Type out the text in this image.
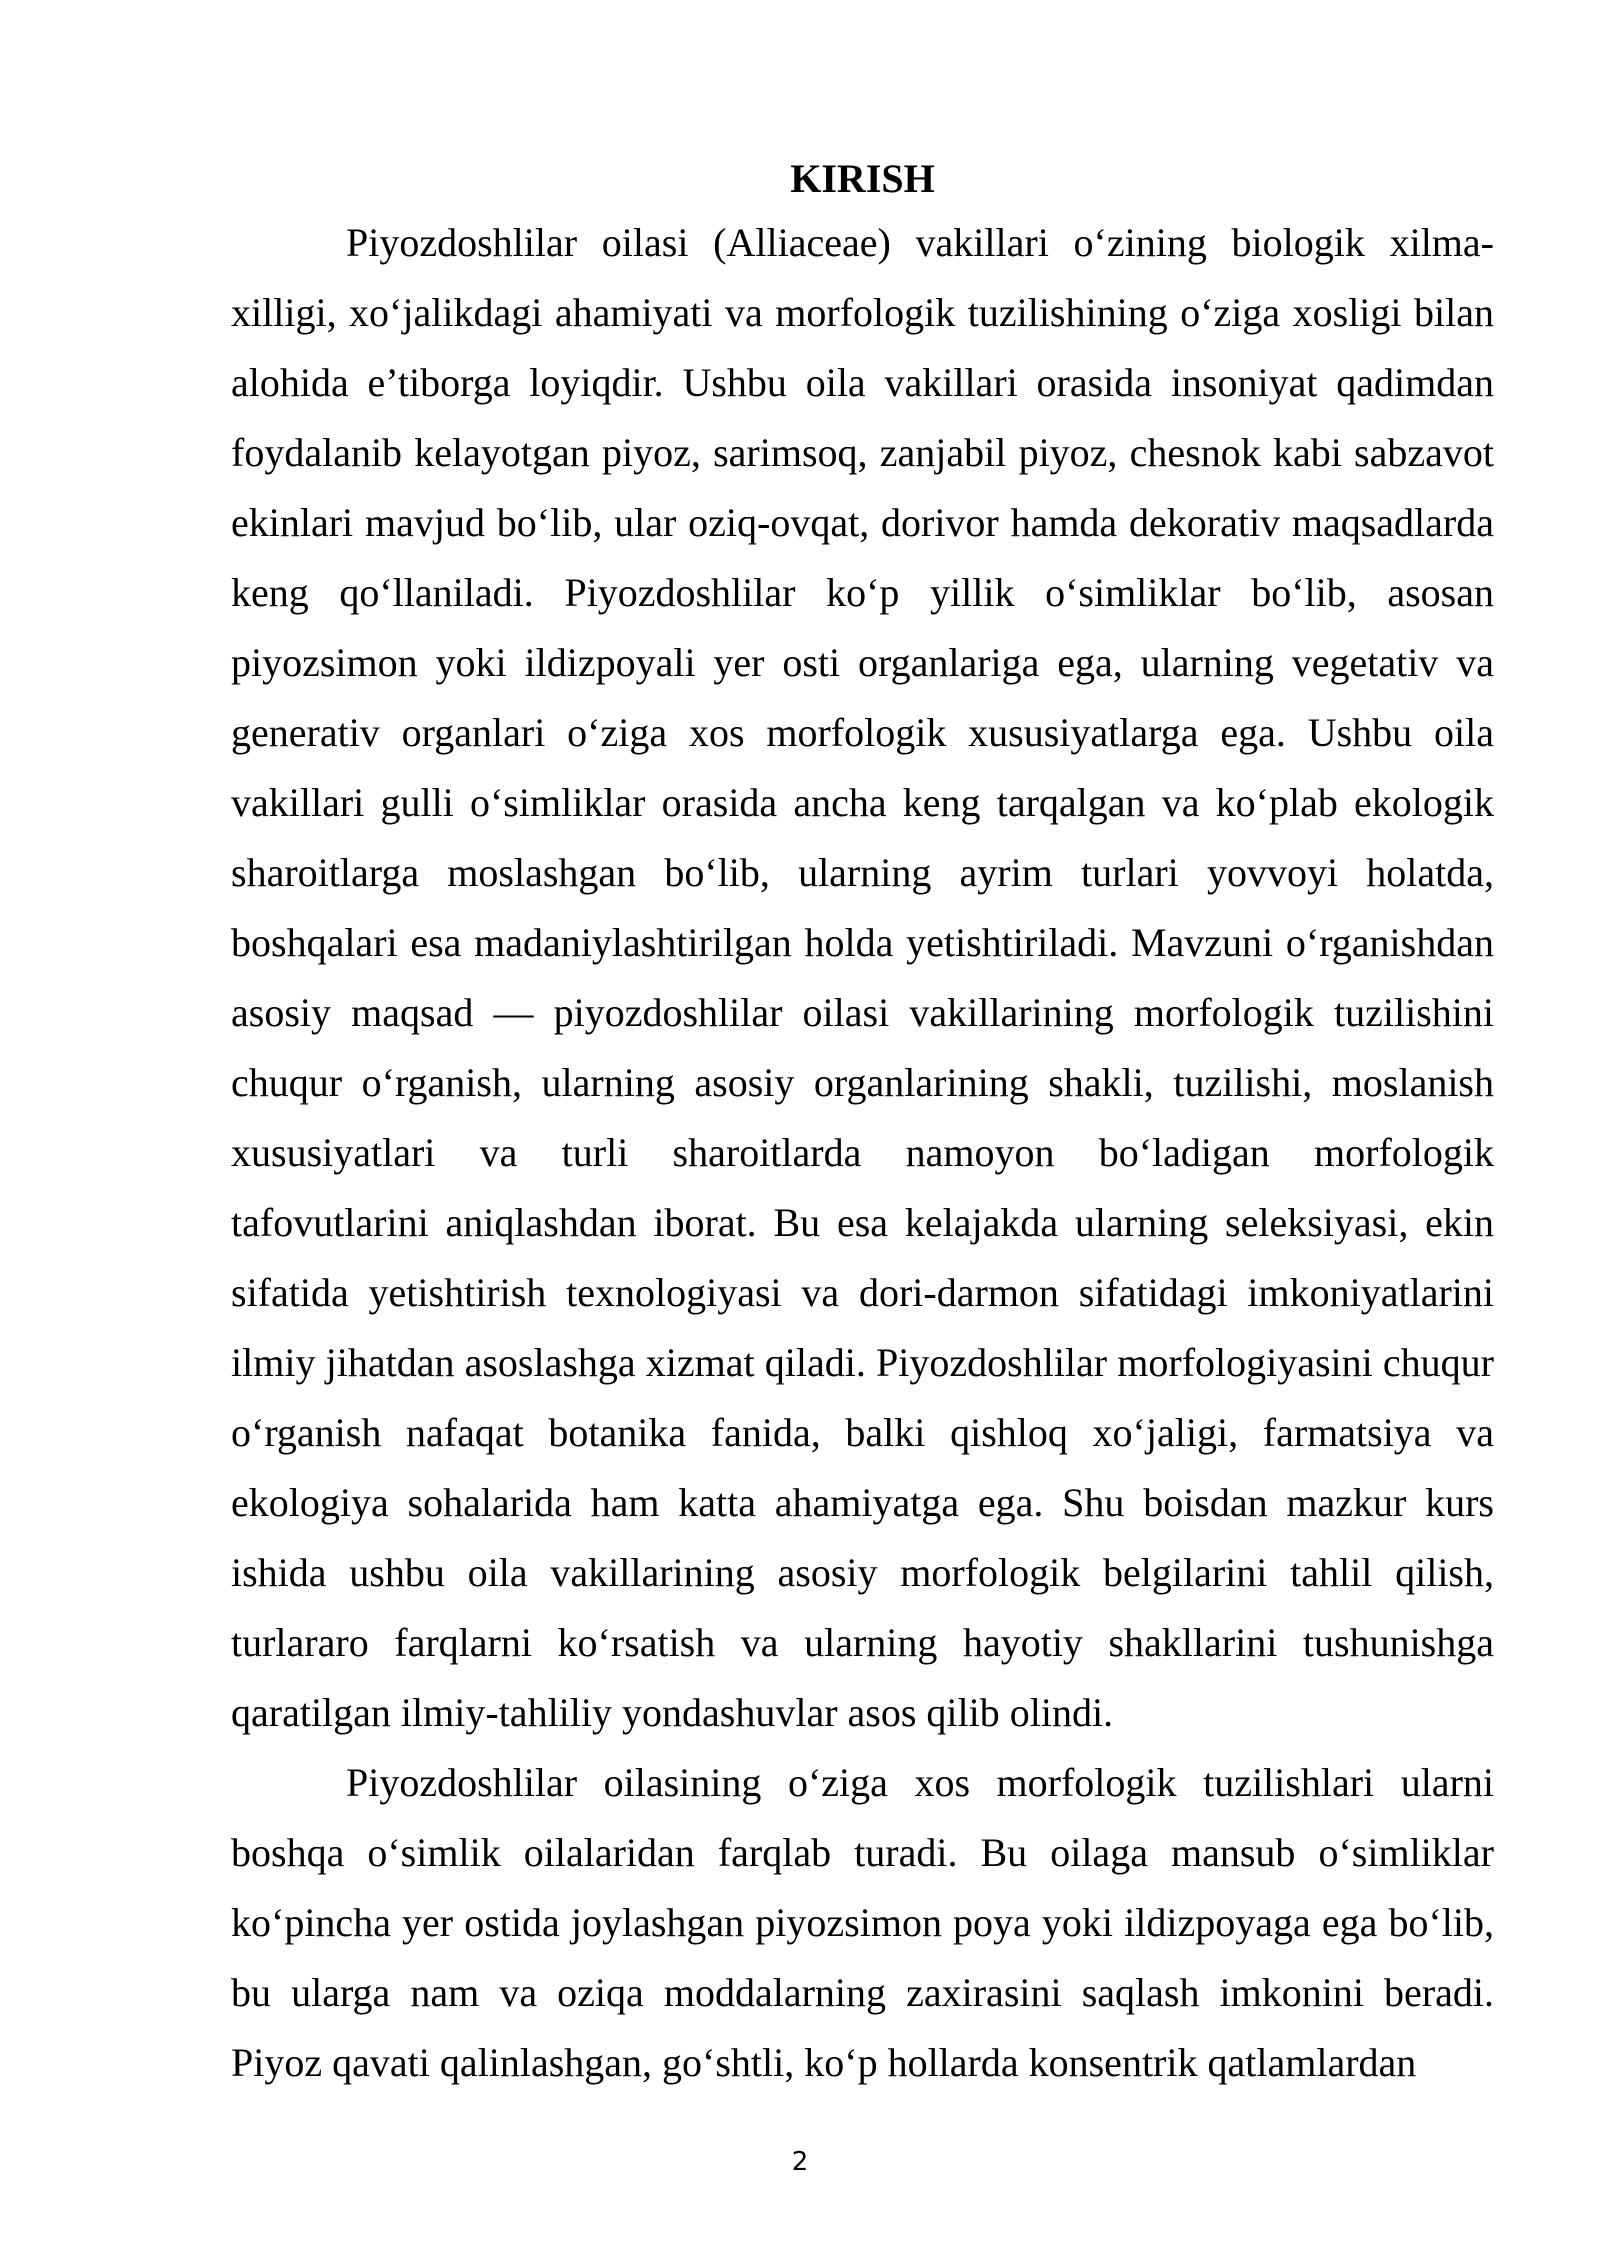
KIRISH

Piyozdoshlilar oilasi (Alliaceae) vakillari o‘zining biologik xilma-xilligi, xo‘jalikdagi ahamiyati va morfologik tuzilishining o‘ziga xosligi bilan alohida e’tiborga loyiqdir. Ushbu oila vakillari orasida insoniyat qadimdan foydalanib kelayotgan piyoz, sarimsoq, zanjabil piyoz, chesnok kabi sabzavot ekinlari mavjud bo‘lib, ular oziq-ovqat, dorivor hamda dekorativ maqsadlarda keng qo‘llaniladi. Piyozdoshlilar ko‘p yillik o‘simliklar bo‘lib, asosan piyozsimon yoki ildizpoyali yer osti organlariga ega, ularning vegetativ va generativ organlari o‘ziga xos morfologik xususiyatlarga ega. Ushbu oila vakillari gulli o‘simliklar orasida ancha keng tarqalgan va ko‘plab ekologik sharoitlarga moslashgan bo‘lib, ularning ayrim turlari yovvoyi holatda, boshqalari esa madaniylashtirilgan holda yetishtiriladi. Mavzuni o‘rganishdan asosiy maqsad — piyozdoshlilar oilasi vakillarining morfologik tuzilishini chuqur o‘rganish, ularning asosiy organlarining shakli, tuzilishi, moslanish xususiyatlari va turli sharoitlarda namoyon bo‘ladigan morfologik tafovutlarini aniqlashdan iborat. Bu esa kelajakda ularning seleksiyasi, ekin sifatida yetishtirish texnologiyasi va dori-darmon sifatidagi imkoniyatlarini ilmiy jihatdan asoslashga xizmat qiladi. Piyozdoshlilar morfologiyasini chuqur o‘rganish nafaqat botanika fanida, balki qishloq xo‘jaligi, farmatsiya va ekologiya sohalarida ham katta ahamiyatga ega. Shu boisdan mazkur kurs ishida ushbu oila vakillarining asosiy morfologik belgilarini tahlil qilish, turlararo farqlarni ko‘rsatish va ularning hayotiy shakllarini tushunishga qaratilgan ilmiy-tahliliy yondashuvlar asos qilib olindi.

Piyozdoshlilar oilasining o‘ziga xos morfologik tuzilishlari ularni boshqa o‘simlik oilalaridan farqlab turadi. Bu oilaga mansub o‘simliklar ko‘pincha yer ostida joylashgan piyozsimon poya yoki ildizpoyaga ega bo‘lib, bu ularga nam va oziqa moddalarning zaxirasini saqlash imkonini beradi. Piyoz qavati qalinlashgan, go‘shtli, ko‘p hollarda konsentrik qatlamlardan

2
